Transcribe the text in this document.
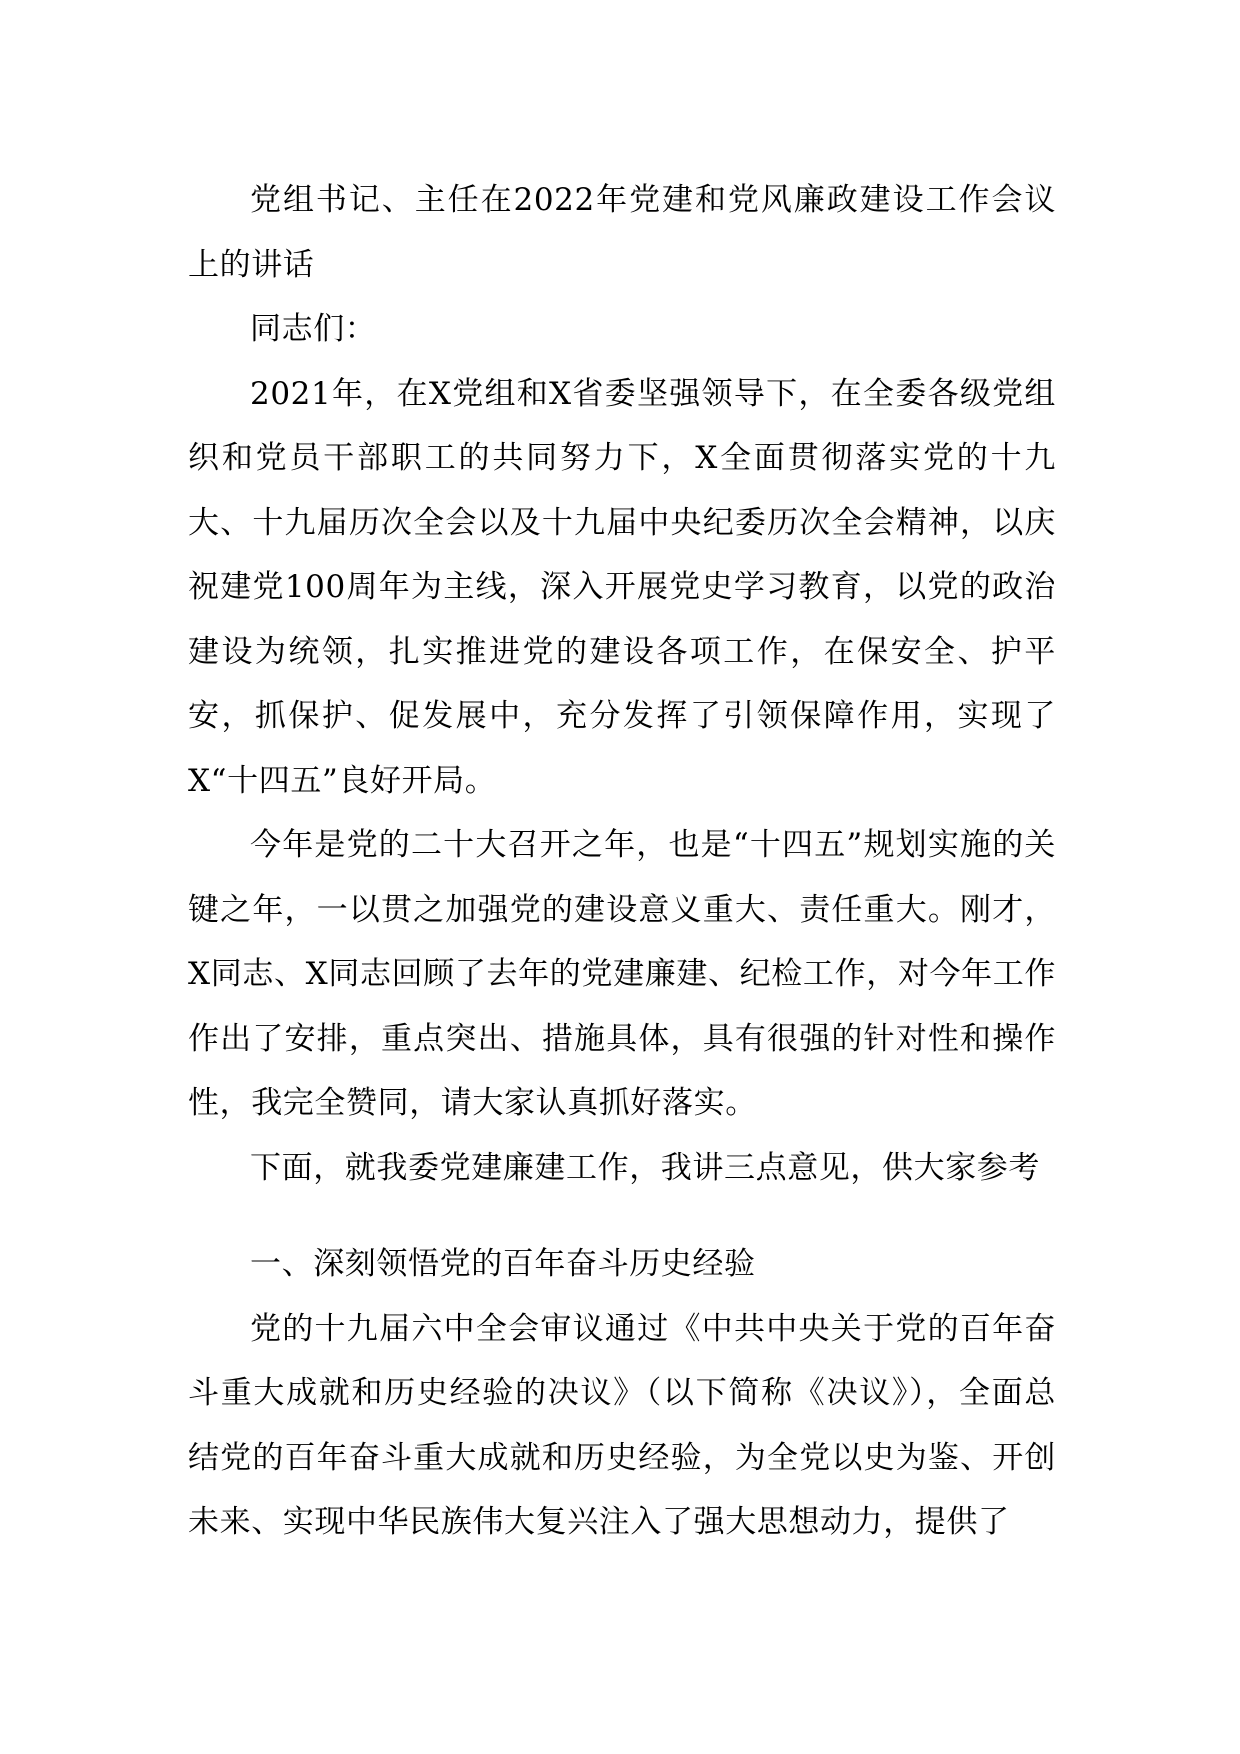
党组书记、主任在2022年党建和党风廉政建设工作会议上的讲话

同志们：

2021年，在X党组和X省委坚强领导下，在全委各级党组织和党员干部职工的共同努力下，X全面贯彻落实党的十九大、十九届历次全会以及十九届中央纪委历次全会精神，以庆祝建党100周年为主线，深入开展党史学习教育，以党的政治建设为统领，扎实推进党的建设各项工作，在保安全、护平安，抓保护、促发展中，充分发挥了引领保障作用，实现了X“十四五”良好开局。

今年是党的二十大召开之年，也是“十四五”规划实施的关键之年，一以贯之加强党的建设意义重大、责任重大。刚才，X同志、X同志回顾了去年的党建廉建、纪检工作，对今年工作作出了安排，重点突出、措施具体，具有很强的针对性和操作性，我完全赞同，请大家认真抓好落实。

下面，就我委党建廉建工作，我讲三点意见，供大家参考

一、深刻领悟党的百年奋斗历史经验

党的十九届六中全会审议通过《中共中央关于党的百年奋斗重大成就和历史经验的决议》（以下简称《决议》），全面总结党的百年奋斗重大成就和历史经验，为全党以史为鉴、开创未来、实现中华民族伟大复兴注入了强大思想动力，提供了
